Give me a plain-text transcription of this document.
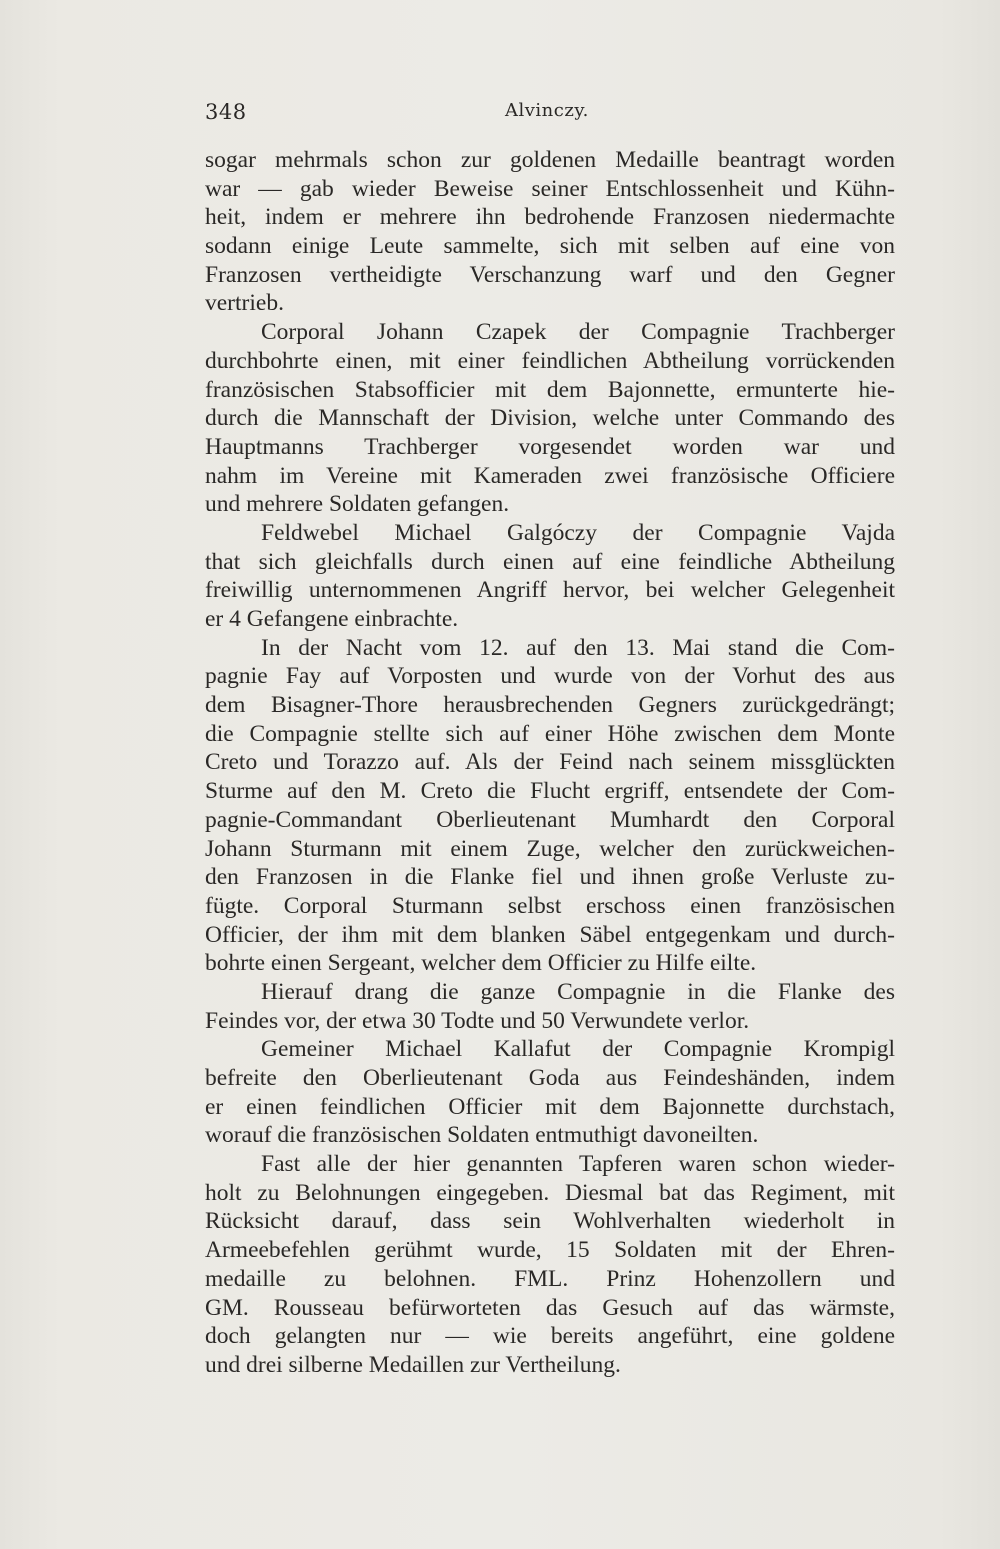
348	Alvinczy.
sogar mehrmals schon zur goldenen Medaille beantragt worden
war — gab wieder Beweise seiner Entschlossenheit und Kühn-
heit, indem er mehrere ihn bedrohende Franzosen niedermachte
sodann einige Leute sammelte, sich mit selben auf eine von
Franzosen vertheidigte Verschanzung warf und den Gegner
vertrieb.
Corporal Johann Czapek der Compagnie Trachberger
durchbohrte einen, mit einer feindlichen Abtheilung vorrückenden
französischen Stabsofficier mit dem Bajonnette, ermunterte hie-
durch die Mannschaft der Division, welche unter Commando des
Hauptmanns Trachberger vorgesendet worden war und
nahm im Vereine mit Kameraden zwei französische Officiere
und mehrere Soldaten gefangen.
Feldwebel Michael Galgóczy der Compagnie Vajda
that sich gleichfalls durch einen auf eine feindliche Abtheilung
freiwillig unternommenen Angriff hervor, bei welcher Gelegenheit
er 4 Gefangene einbrachte.
In der Nacht vom 12. auf den 13. Mai stand die Com-
pagnie Fay auf Vorposten und wurde von der Vorhut des aus
dem Bisagner-Thore herausbrechenden Gegners zurückgedrängt;
die Compagnie stellte sich auf einer Höhe zwischen dem Monte
Creto und Torazzo auf. Als der Feind nach seinem missglückten
Sturme auf den M. Creto die Flucht ergriff, entsendete der Com-
pagnie-Commandant Oberlieutenant Mumhardt den Corporal
Johann Sturmann mit einem Zuge, welcher den zurückweichen-
den Franzosen in die Flanke fiel und ihnen große Verluste zu-
fügte. Corporal Sturmann selbst erschoss einen französischen
Officier, der ihm mit dem blanken Säbel entgegenkam und durch-
bohrte einen Sergeant, welcher dem Officier zu Hilfe eilte.
Hierauf drang die ganze Compagnie in die Flanke des
Feindes vor, der etwa 30 Todte und 50 Verwundete verlor.
Gemeiner Michael Kallafut der Compagnie Krompigl
befreite den Oberlieutenant Goda aus Feindeshänden, indem
er einen feindlichen Officier mit dem Bajonnette durchstach,
worauf die französischen Soldaten entmuthigt davoneilten.
Fast alle der hier genannten Tapferen waren schon wieder-
holt zu Belohnungen eingegeben. Diesmal bat das Regiment, mit
Rücksicht darauf, dass sein Wohlverhalten wiederholt in
Armeebefehlen gerühmt wurde, 15 Soldaten mit der Ehren-
medaille zu belohnen. FML. Prinz Hohenzollern und
GM. Rousseau befürworteten das Gesuch auf das wärmste,
doch gelangten nur — wie bereits angeführt, eine goldene
und drei silberne Medaillen zur Vertheilung.
